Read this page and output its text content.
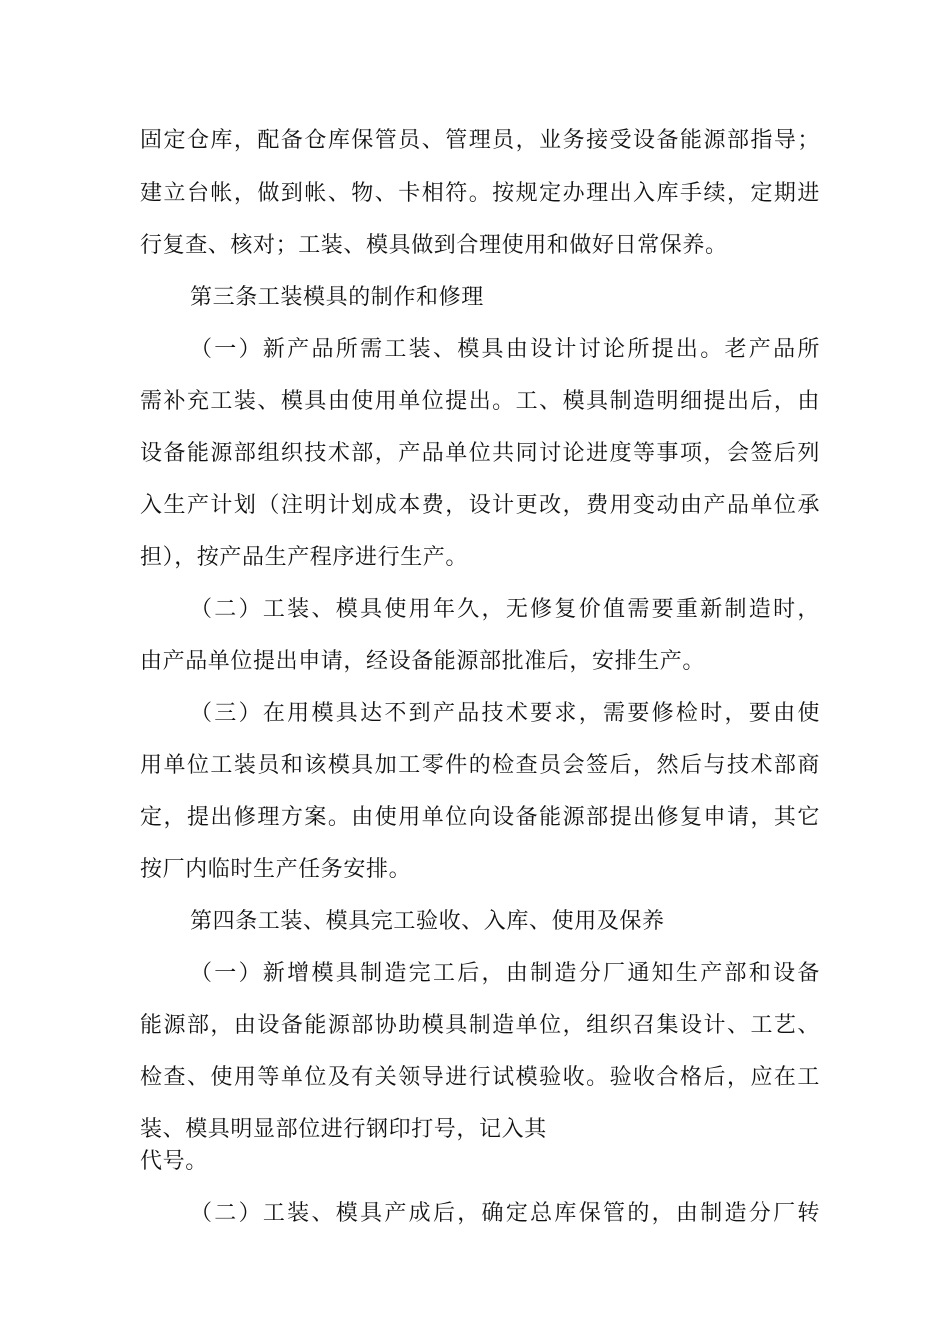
固定仓库，配备仓库保管员、管理员，业务接受设备能源部指导；
建立台帐，做到帐、物、卡相符。按规定办理出入库手续，定期进
行复查、核对；工装、模具做到合理使用和做好日常保养。
第三条工装模具的制作和修理
（一）新产品所需工装、模具由设计讨论所提出。老产品所
需补充工装、模具由使用单位提出。工、模具制造明细提出后，由
设备能源部组织技术部，产品单位共同讨论进度等事项，会签后列
入生产计划（注明计划成本费，设计更改，费用变动由产品单位承
担），按产品生产程序进行生产。
（二）工装、模具使用年久，无修复价值需要重新制造时，
由产品单位提出申请，经设备能源部批准后，安排生产。
（三）在用模具达不到产品技术要求，需要修检时，要由使
用单位工装员和该模具加工零件的检查员会签后，然后与技术部商
定，提出修理方案。由使用单位向设备能源部提出修复申请，其它
按厂内临时生产任务安排。
第四条工装、模具完工验收、入库、使用及保养
（一）新增模具制造完工后，由制造分厂通知生产部和设备
能源部，由设备能源部协助模具制造单位，组织召集设计、工艺、
检查、使用等单位及有关领导进行试模验收。验收合格后，应在工
装、模具明显部位进行钢印打号，记入其
代号。
（二）工装、模具产成后，确定总库保管的，由制造分厂转
